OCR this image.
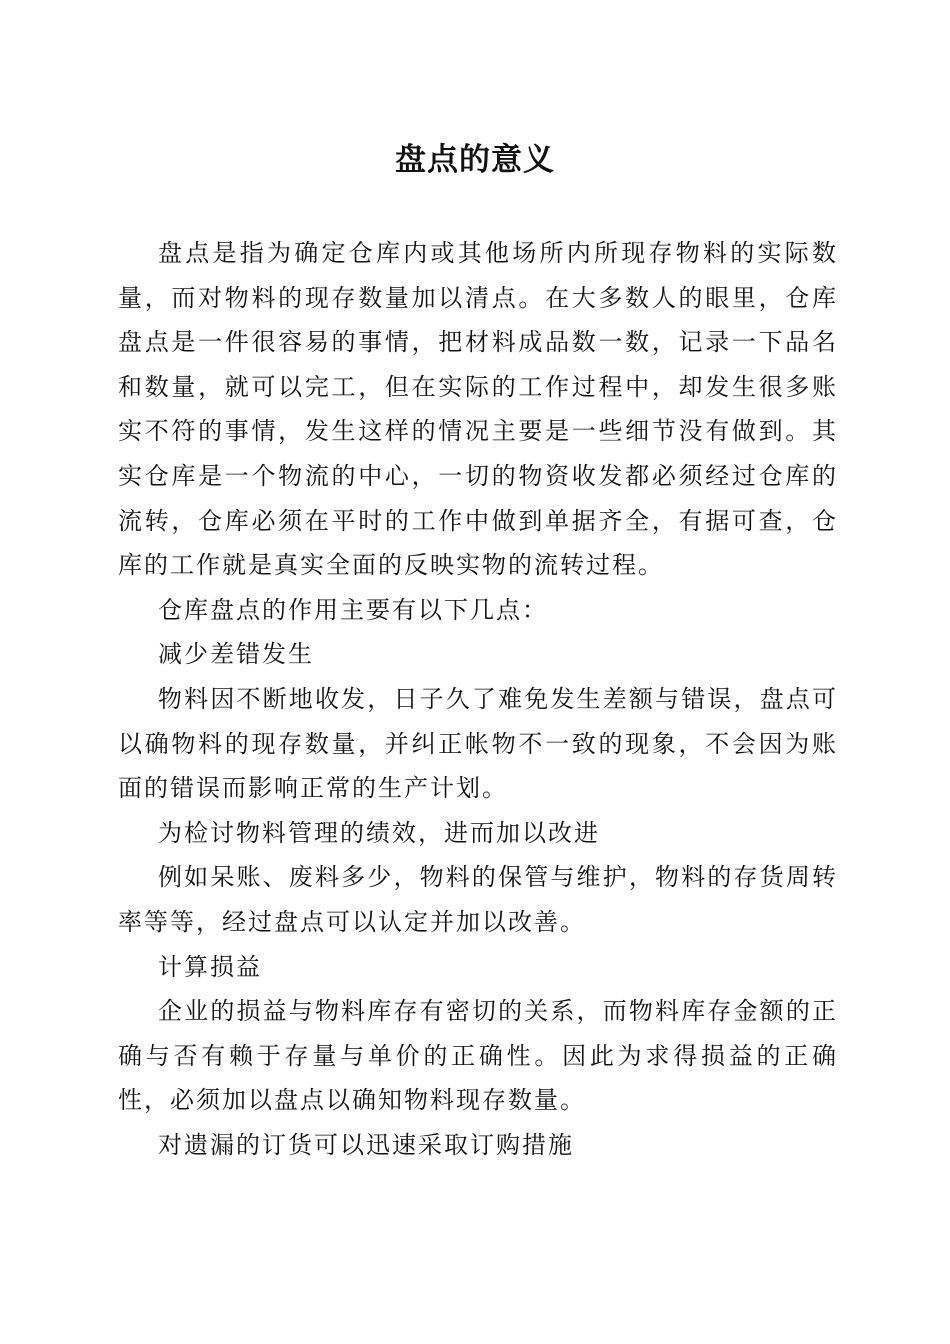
盘点的意义

盘点是指为确定仓库内或其他场所内所现存物料的实际数量，而对物料的现存数量加以清点。在大多数人的眼里，仓库盘点是一件很容易的事情，把材料成品数一数，记录一下品名和数量，就可以完工，但在实际的工作过程中，却发生很多账实不符的事情，发生这样的情况主要是一些细节没有做到。其实仓库是一个物流的中心，一切的物资收发都必须经过仓库的流转，仓库必须在平时的工作中做到单据齐全，有据可查，仓库的工作就是真实全面的反映实物的流转过程。

仓库盘点的作用主要有以下几点：

减少差错发生

物料因不断地收发，日子久了难免发生差额与错误，盘点可以确物料的现存数量，并纠正帐物不一致的现象，不会因为账面的错误而影响正常的生产计划。

为检讨物料管理的绩效，进而加以改进

例如呆账、废料多少，物料的保管与维护，物料的存货周转率等等，经过盘点可以认定并加以改善。

计算损益

企业的损益与物料库存有密切的关系，而物料库存金额的正确与否有赖于存量与单价的正确性。因此为求得损益的正确性，必须加以盘点以确知物料现存数量。

对遗漏的订货可以迅速采取订购措施
